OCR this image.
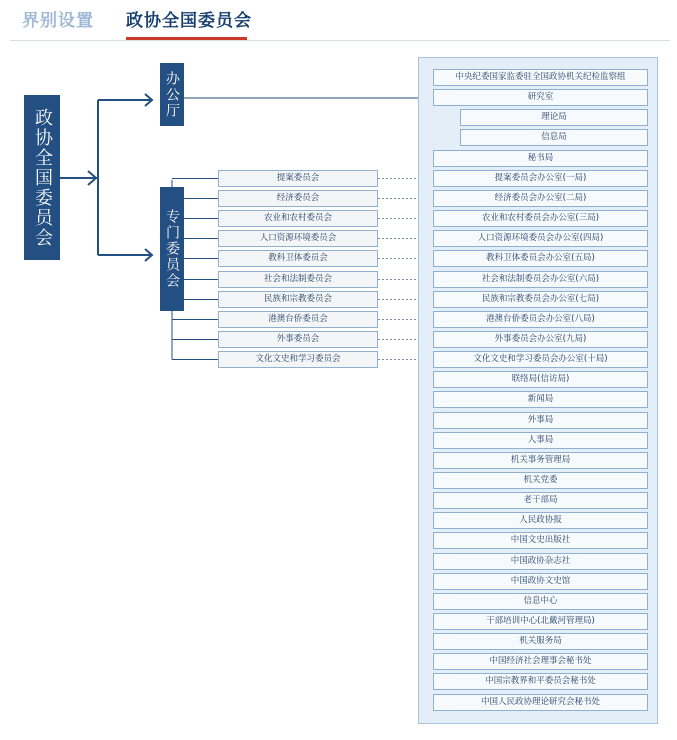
界别设置 政协全国委员会
政协全国委员会
办公厅
专门委员会
中央纪委国家监委驻全国政协机关纪检监察组
研究室
理论局
信息局
秘书局
提案委员会办公室(一局)
经济委员会办公室(二局)
农业和农村委员会办公室(三局)
人口资源环境委员会办公室(四局)
教科卫体委员会办公室(五局)
社会和法制委员会办公室(六局)
民族和宗教委员会办公室(七局)
港澳台侨委员会办公室(八局)
外事委员会办公室(九局)
文化文史和学习委员会办公室(十局)
联络局(信访局)
新闻局
外事局
人事局
机关事务管理局
机关党委
老干部局
人民政协报
中国文史出版社
中国政协杂志社
中国政协文史馆
信息中心
干部培训中心(北戴河管理局)
机关服务局
中国经济社会理事会秘书处
中国宗教界和平委员会秘书处
中国人民政协理论研究会秘书处
提案委员会
经济委员会
农业和农村委员会
人口资源环境委员会
教科卫体委员会
社会和法制委员会
民族和宗教委员会
港澳台侨委员会
外事委员会
文化文史和学习委员会
